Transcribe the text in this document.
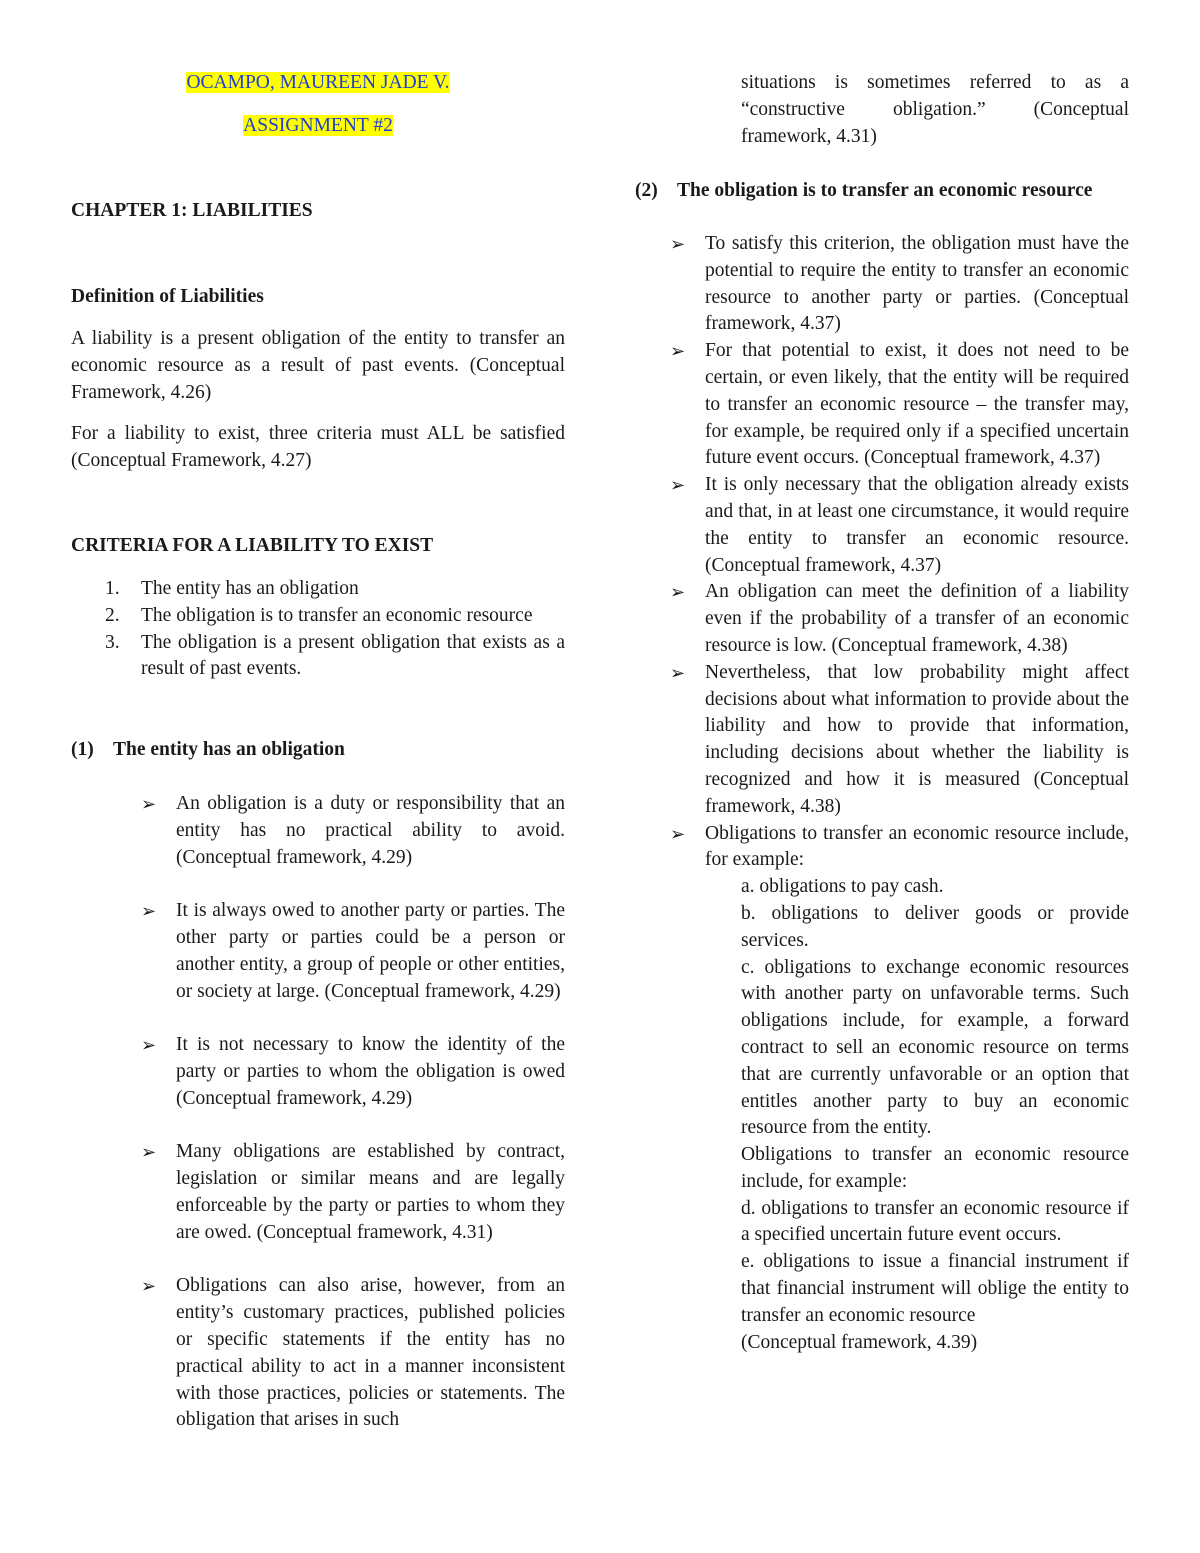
OCAMPO, MAUREEN JADE V.

ASSIGNMENT #2

CHAPTER 1: LIABILITIES

Definition of Liabilities

A liability is a present obligation of the entity to transfer an economic resource as a result of past events. (Conceptual Framework, 4.26)

For a liability to exist, three criteria must ALL be satisfied (Conceptual Framework, 4.27)

CRITERIA FOR A LIABILITY TO EXIST

1. The entity has an obligation
2. The obligation is to transfer an economic resource
3. The obligation is a present obligation that exists as a result of past events.

(1) The entity has an obligation

➢ An obligation is a duty or responsibility that an entity has no practical ability to avoid. (Conceptual framework, 4.29)
➢ It is always owed to another party or parties. The other party or parties could be a person or another entity, a group of people or other entities, or society at large. (Conceptual framework, 4.29)
➢ It is not necessary to know the identity of the party or parties to whom the obligation is owed (Conceptual framework, 4.29)
➢ Many obligations are established by contract, legislation or similar means and are legally enforceable by the party or parties to whom they are owed. (Conceptual framework, 4.31)
➢ Obligations can also arise, however, from an entity’s customary practices, published policies or specific statements if the entity has no practical ability to act in a manner inconsistent with those practices, policies or statements. The obligation that arises in such

situations is sometimes referred to as a “constructive obligation.” (Conceptual framework, 4.31)

(2) The obligation is to transfer an economic resource

➢ To satisfy this criterion, the obligation must have the potential to require the entity to transfer an economic resource to another party or parties. (Conceptual framework, 4.37)
➢ For that potential to exist, it does not need to be certain, or even likely, that the entity will be required to transfer an economic resource – the transfer may, for example, be required only if a specified uncertain future event occurs. (Conceptual framework, 4.37)
➢ It is only necessary that the obligation already exists and that, in at least one circumstance, it would require the entity to transfer an economic resource. (Conceptual framework, 4.37)
➢ An obligation can meet the definition of a liability even if the probability of a transfer of an economic resource is low. (Conceptual framework, 4.38)
➢ Nevertheless, that low probability might affect decisions about what information to provide about the liability and how to provide that information, including decisions about whether the liability is recognized and how it is measured (Conceptual framework, 4.38)
➢ Obligations to transfer an economic resource include, for example:
a. obligations to pay cash.
b. obligations to deliver goods or provide services.
c. obligations to exchange economic resources with another party on unfavorable terms. Such obligations include, for example, a forward contract to sell an economic resource on terms that are currently unfavorable or an option that entitles another party to buy an economic resource from the entity.
Obligations to transfer an economic resource include, for example:
d. obligations to transfer an economic resource if a specified uncertain future event occurs.
e. obligations to issue a financial instrument if that financial instrument will oblige the entity to transfer an economic resource
(Conceptual framework, 4.39)
